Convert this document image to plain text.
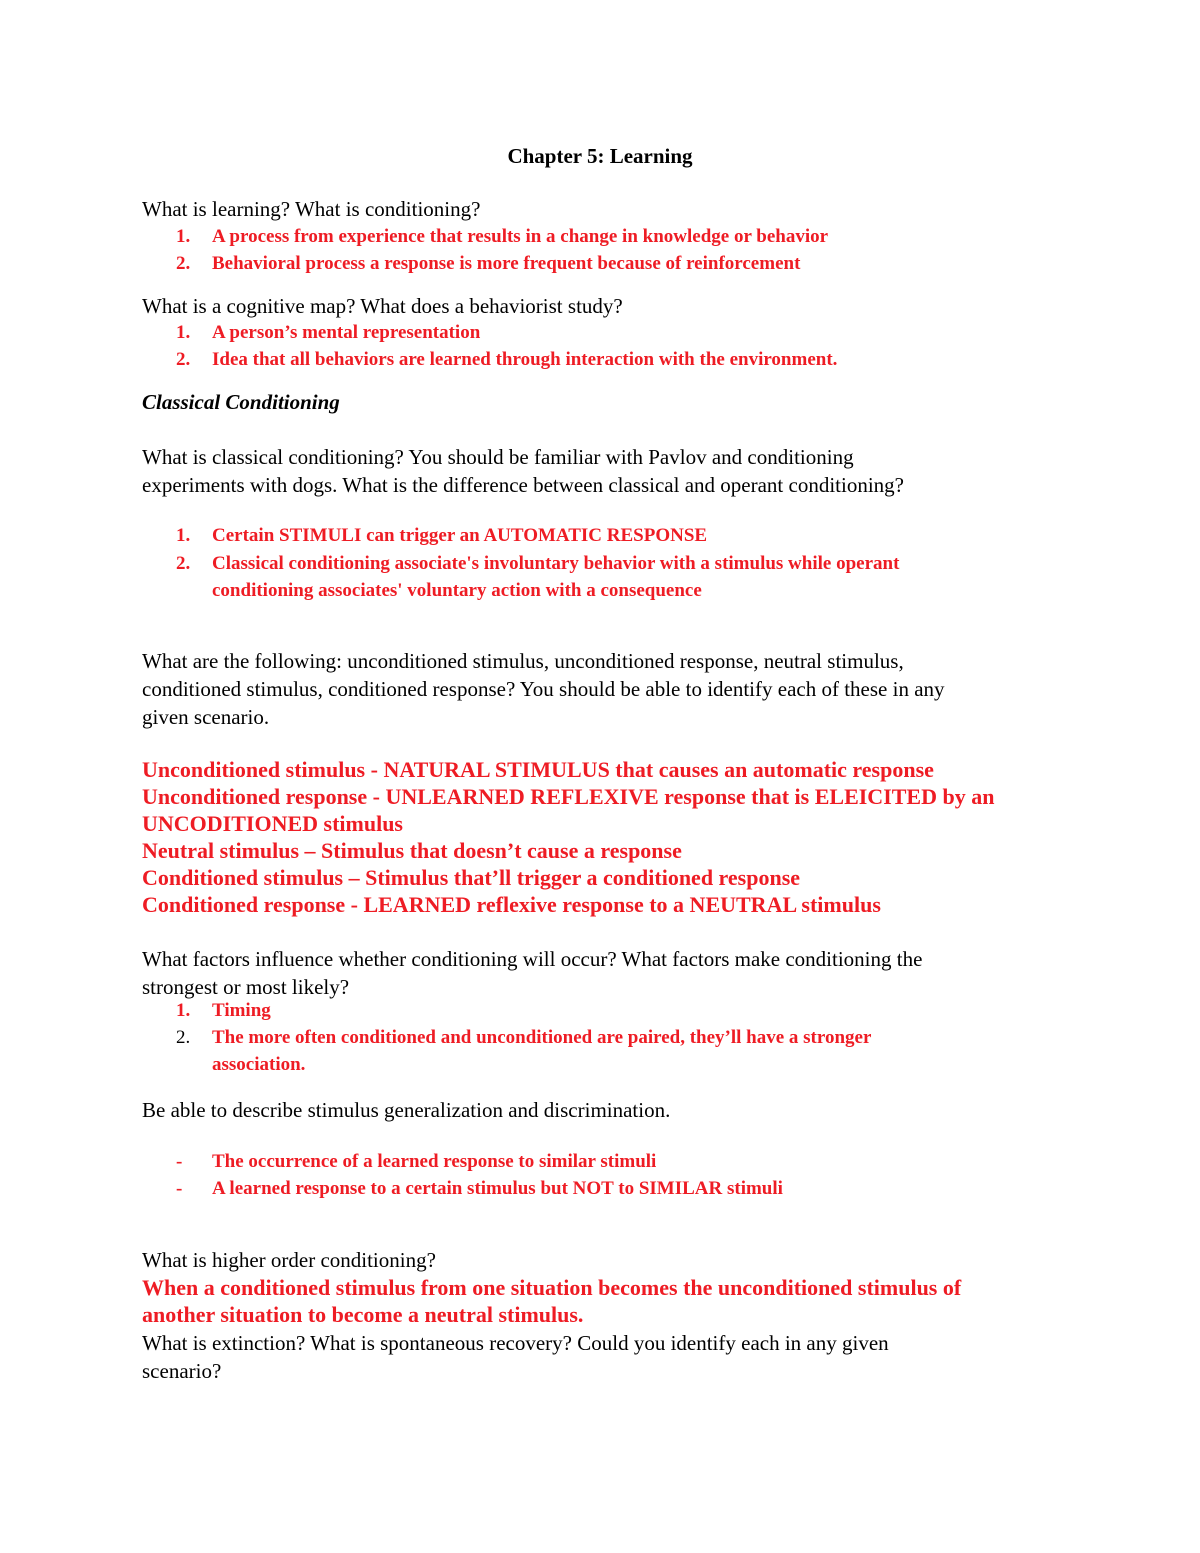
Chapter 5: Learning
What is learning? What is conditioning?
1. A process from experience that results in a change in knowledge or behavior
2. Behavioral process a response is more frequent because of reinforcement
What is a cognitive map? What does a behaviorist study?
1. A person’s mental representation
2. Idea that all behaviors are learned through interaction with the environment.
Classical Conditioning
What is classical conditioning? You should be familiar with Pavlov and conditioning
experiments with dogs. What is the difference between classical and operant conditioning?
1. Certain STIMULI can trigger an AUTOMATIC RESPONSE
2. Classical conditioning associate's involuntary behavior with a stimulus while operant
conditioning associates' voluntary action with a consequence
What are the following: unconditioned stimulus, unconditioned response, neutral stimulus,
conditioned stimulus, conditioned response? You should be able to identify each of these in any
given scenario.
Unconditioned stimulus - NATURAL STIMULUS that causes an automatic response
Unconditioned response - UNLEARNED REFLEXIVE response that is ELEICITED by an
UNCODITIONED stimulus
Neutral stimulus – Stimulus that doesn’t cause a response
Conditioned stimulus – Stimulus that’ll trigger a conditioned response
Conditioned response - LEARNED reflexive response to a NEUTRAL stimulus
What factors influence whether conditioning will occur? What factors make conditioning the
strongest or most likely?
1. Timing
2. The more often conditioned and unconditioned are paired, they’ll have a stronger
association.
Be able to describe stimulus generalization and discrimination.
- The occurrence of a learned response to similar stimuli
- A learned response to a certain stimulus but NOT to SIMILAR stimuli
What is higher order conditioning?
When a conditioned stimulus from one situation becomes the unconditioned stimulus of
another situation to become a neutral stimulus.
What is extinction? What is spontaneous recovery? Could you identify each in any given
scenario?
